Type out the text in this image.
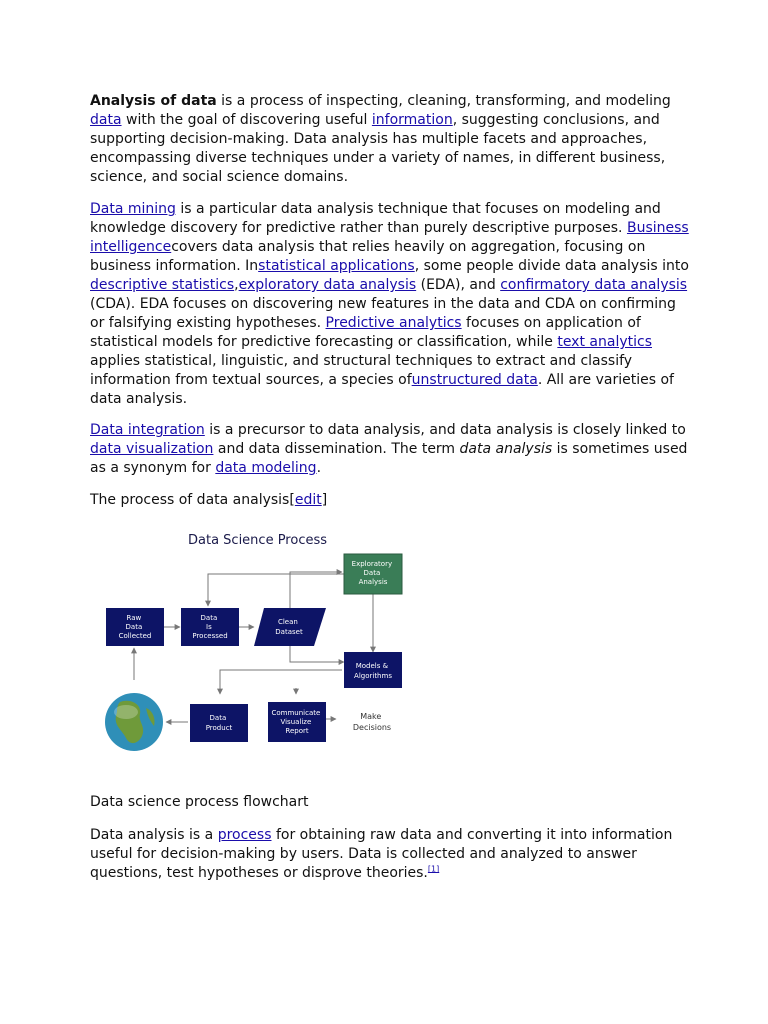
Analysis of data is a process of inspecting, cleaning, transforming, and modeling data with the goal of discovering useful information, suggesting conclusions, and supporting decision-making. Data analysis has multiple facets and approaches, encompassing diverse techniques under a variety of names, in different business, science, and social science domains.

Data mining is a particular data analysis technique that focuses on modeling and knowledge discovery for predictive rather than purely descriptive purposes. Business intelligencecovers data analysis that relies heavily on aggregation, focusing on business information. Instatistical applications, some people divide data analysis into descriptive statistics,exploratory data analysis (EDA), and confirmatory data analysis (CDA). EDA focuses on discovering new features in the data and CDA on confirming or falsifying existing hypotheses. Predictive analytics focuses on application of statistical models for predictive forecasting or classification, while text analytics applies statistical, linguistic, and structural techniques to extract and classify information from textual sources, a species ofunstructured data. All are varieties of data analysis.

Data integration is a precursor to data analysis, and data analysis is closely linked to data visualization and data dissemination. The term data analysis is sometimes used as a synonym for data modeling.

The process of data analysis[edit]

Data Science Process
Exploratory Data Analysis
Raw Data Collected
Data Is Processed
Clean Dataset
Models & Algorithms
Data Product
Communicate Visualize Report
Make Decisions

Data science process flowchart

Data analysis is a process for obtaining raw data and converting it into information useful for decision-making by users. Data is collected and analyzed to answer questions, test hypotheses or disprove theories.[1]
